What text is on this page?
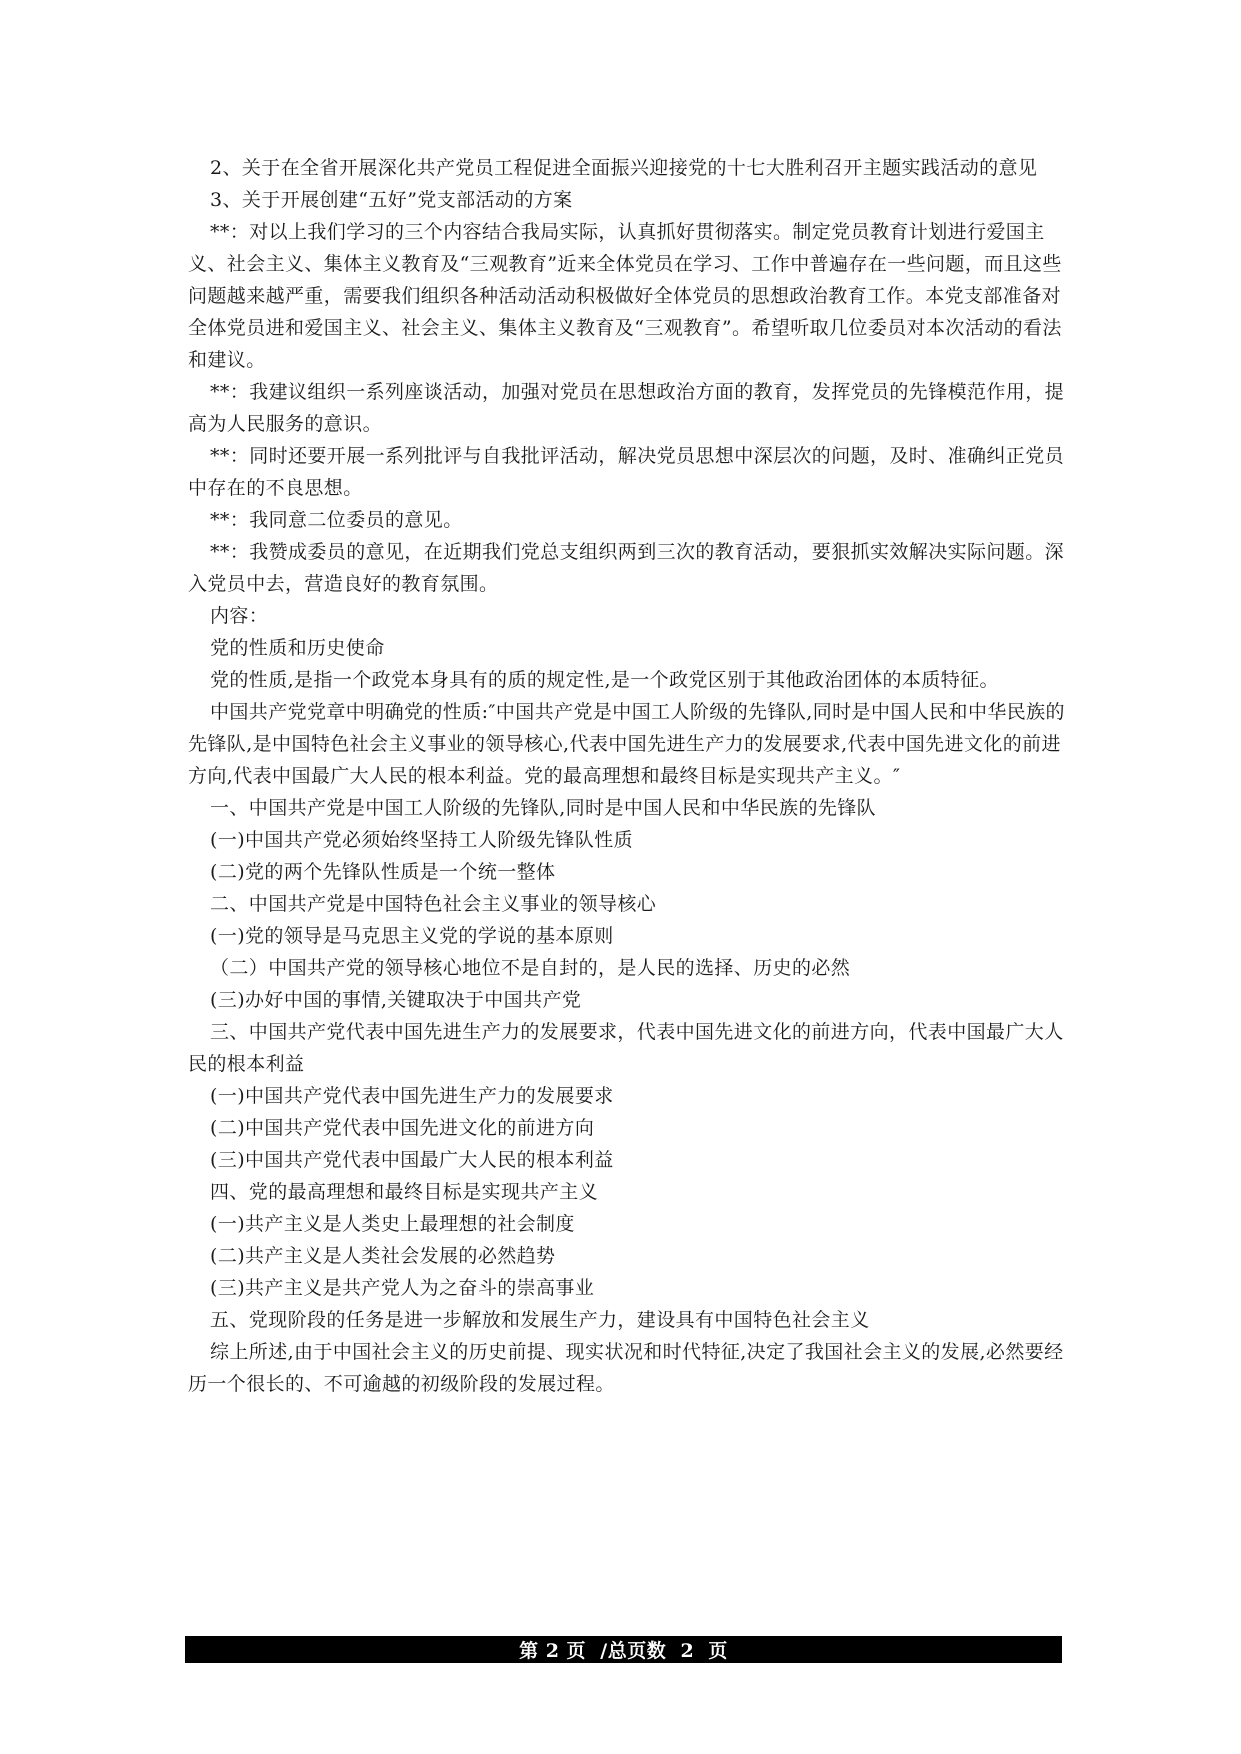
2、关于在全省开展深化共产党员工程促进全面振兴迎接党的十七大胜利召开主题实践活动的意见

3、关于开展创建“五好”党支部活动的方案

**：对以上我们学习的三个内容结合我局实际，认真抓好贯彻落实。制定党员教育计划进行爱国主义、社会主义、集体主义教育及“三观教育”近来全体党员在学习、工作中普遍存在一些问题，而且这些问题越来越严重，需要我们组织各种活动活动积极做好全体党员的思想政治教育工作。本党支部准备对全体党员进和爱国主义、社会主义、集体主义教育及“三观教育”。希望听取几位委员对本次活动的看法和建议。

**：我建议组织一系列座谈活动，加强对党员在思想政治方面的教育，发挥党员的先锋模范作用，提高为人民服务的意识。

**：同时还要开展一系列批评与自我批评活动，解决党员思想中深层次的问题，及时、准确纠正党员中存在的不良思想。

**：我同意二位委员的意见。

**：我赞成委员的意见，在近期我们党总支组织两到三次的教育活动，要狠抓实效解决实际问题。深入党员中去，营造良好的教育氛围。

内容：

党的性质和历史使命

党的性质,是指一个政党本身具有的质的规定性,是一个政党区别于其他政治团体的本质特征。

中国共产党党章中明确党的性质:″中国共产党是中国工人阶级的先锋队,同时是中国人民和中华民族的先锋队,是中国特色社会主义事业的领导核心,代表中国先进生产力的发展要求,代表中国先进文化的前进方向,代表中国最广大人民的根本利益。党的最高理想和最终目标是实现共产主义。″

一、中国共产党是中国工人阶级的先锋队,同时是中国人民和中华民族的先锋队

(一)中国共产党必须始终坚持工人阶级先锋队性质

(二)党的两个先锋队性质是一个统一整体

二、中国共产党是中国特色社会主义事业的领导核心

(一)党的领导是马克思主义党的学说的基本原则

（二）中国共产党的领导核心地位不是自封的，是人民的选择、历史的必然

(三)办好中国的事情,关键取决于中国共产党

三、中国共产党代表中国先进生产力的发展要求，代表中国先进文化的前进方向，代表中国最广大人民的根本利益

(一)中国共产党代表中国先进生产力的发展要求

(二)中国共产党代表中国先进文化的前进方向

(三)中国共产党代表中国最广大人民的根本利益

四、党的最高理想和最终目标是实现共产主义

(一)共产主义是人类史上最理想的社会制度

(二)共产主义是人类社会发展的必然趋势

(三)共产主义是共产党人为之奋斗的崇高事业

五、党现阶段的任务是进一步解放和发展生产力，建设具有中国特色社会主义

综上所述,由于中国社会主义的历史前提、现实状况和时代特征,决定了我国社会主义的发展,必然要经历一个很长的、不可逾越的初级阶段的发展过程。

第 2 页  /总页数  2  页
